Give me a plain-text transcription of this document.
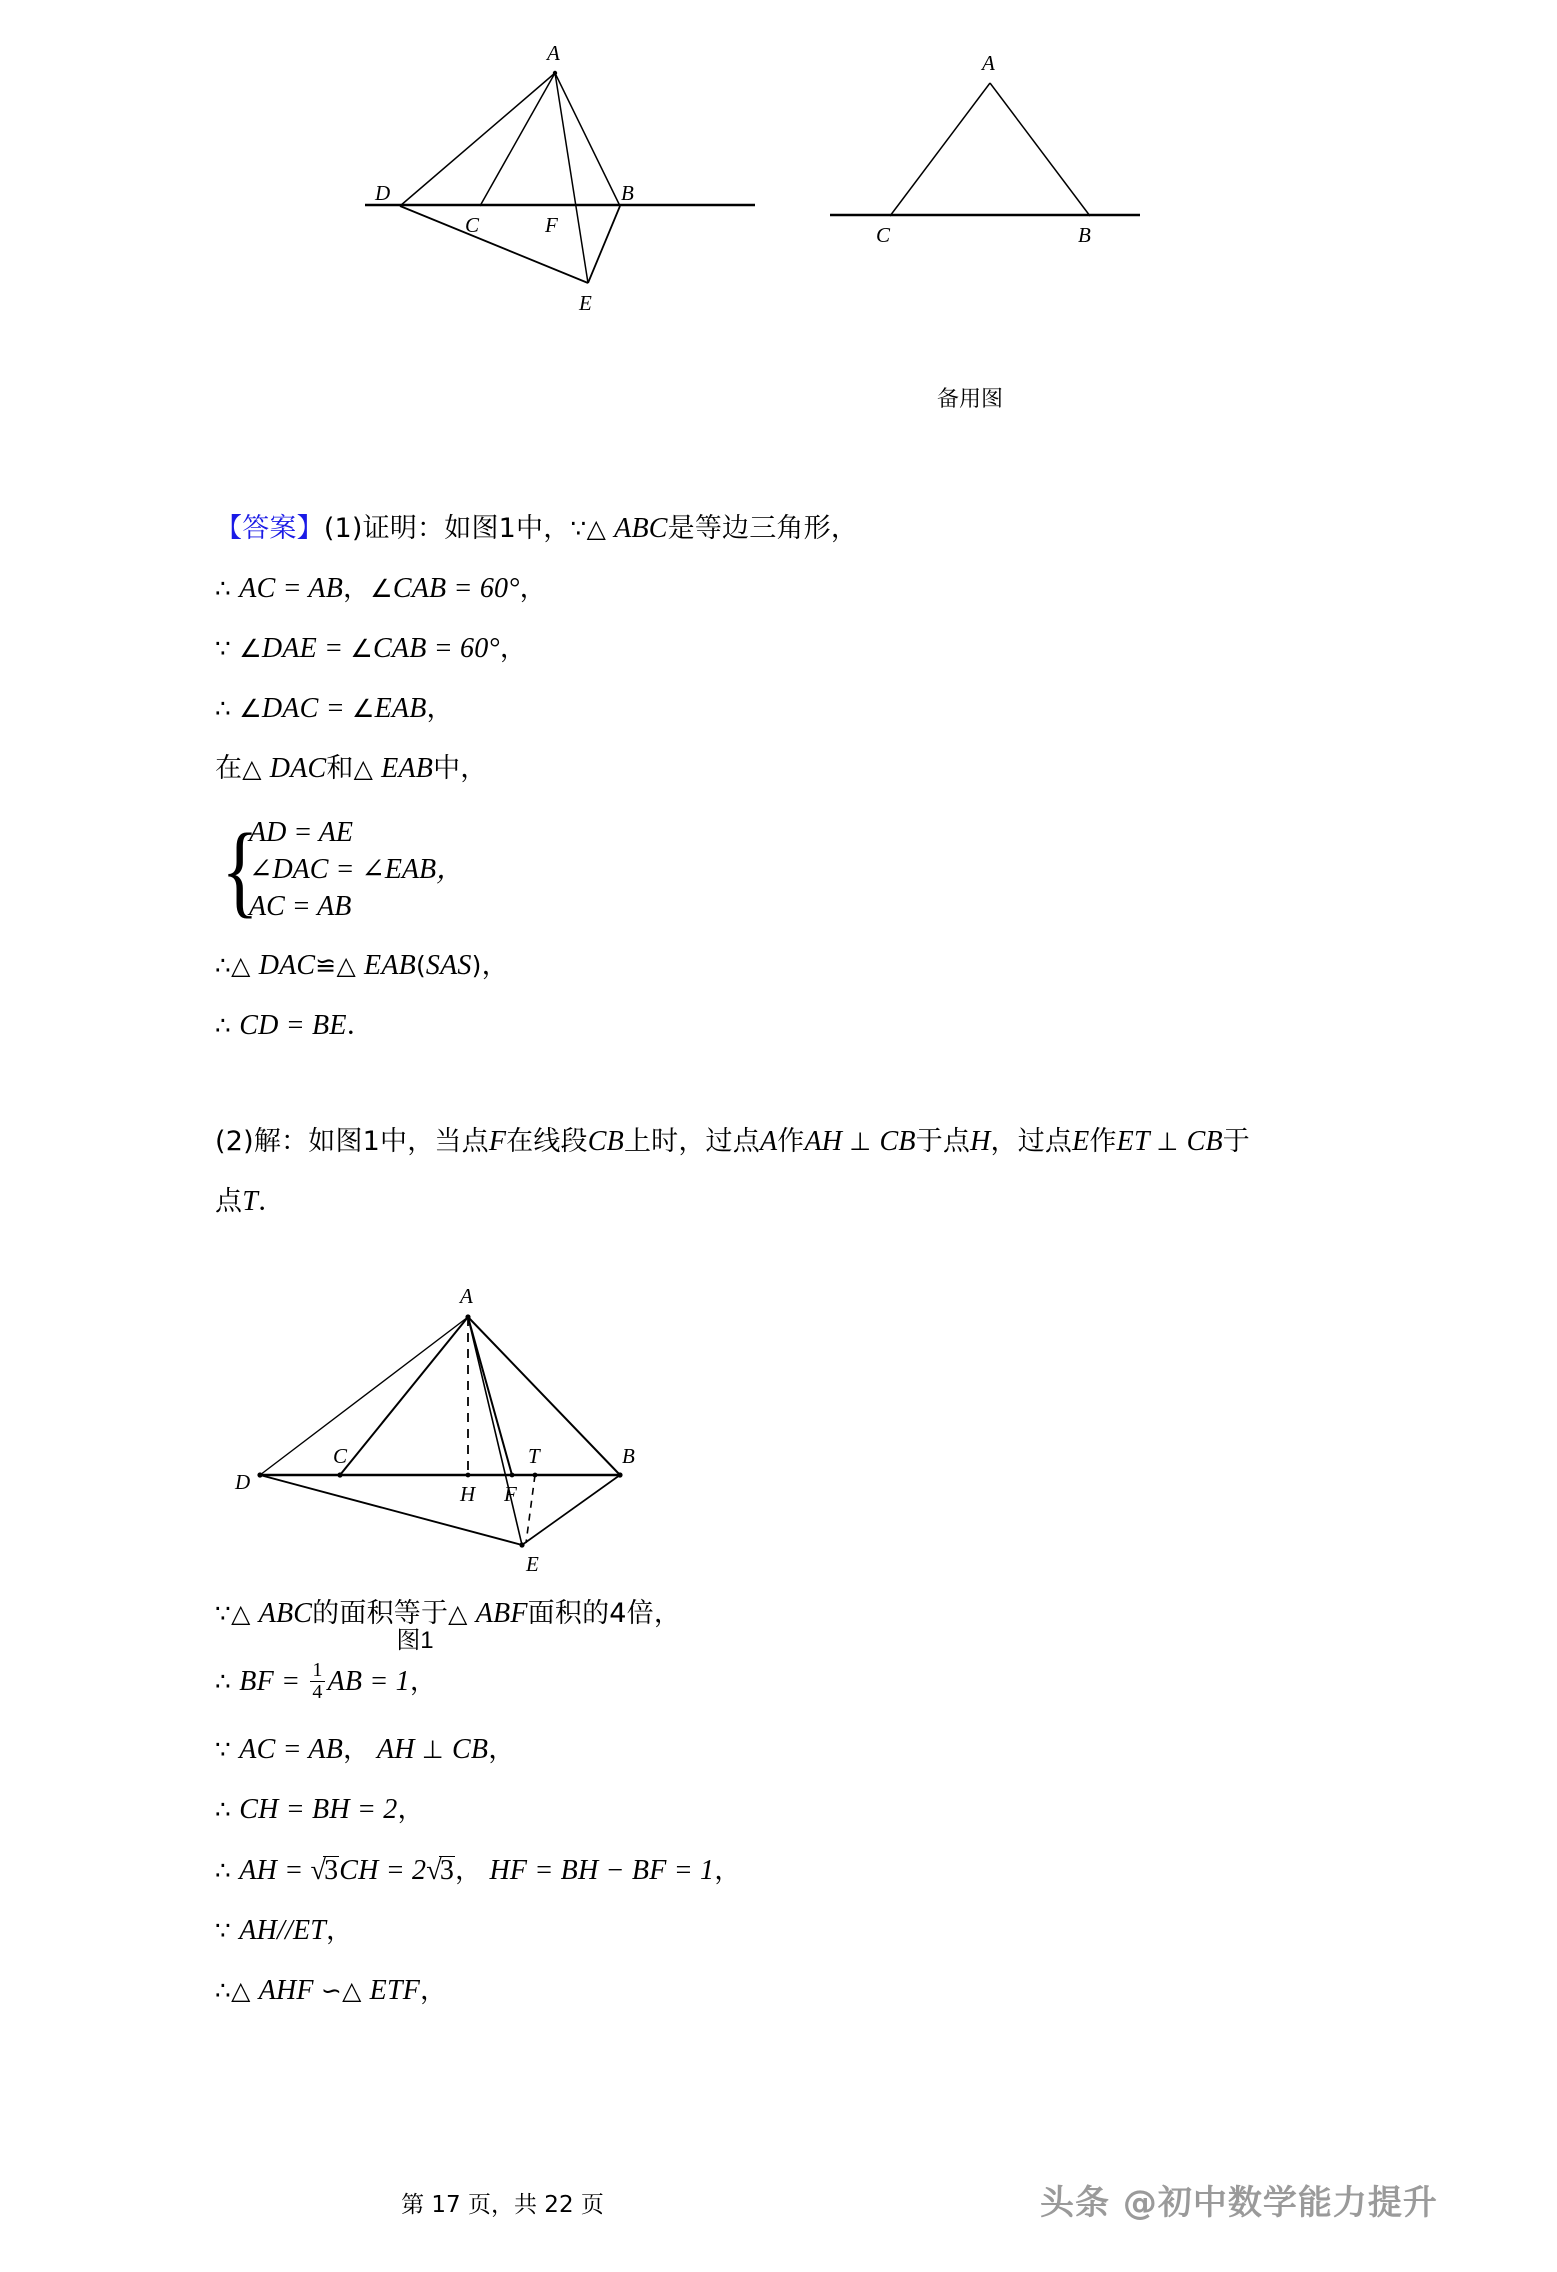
A
D
C	F
B
E
A
C	B
备用图
A
D
C
H F
T	B
E
图1
【答案】(1)证明：如图1中，∵△ ABC是等边三角形，
∴ AC = AB，∠CAB = 60°，
∵ ∠DAE = ∠CAB = 60°，
∴ ∠DAC = ∠EAB，
在△ DAC和△ EAB中，
{
AD = AE
∠DAC = ∠EAB，
AC = AB
∴△ DAC≌△ EAB(SAS)，
∴ CD = BE．
(2)解：如图1中，当点F在线段CB上时，过点A作AH ⊥ CB于点H，过点E作ET ⊥ CB于
点T．
∵△ ABC的面积等于△ ABF面积的4倍，
∴ BF = $\frac{1}{4}$ AB = 1，
∵ AC = AB， AH ⊥ CB，
∴ CH = BH = 2，
∴ AH = √3CH = 2√3， HF = BH − BF = 1，
∵ AH//ET，
∴△ AHF ∽△ ETF，
第 17 页，共 22 页	头条 @初中数学能力提升
